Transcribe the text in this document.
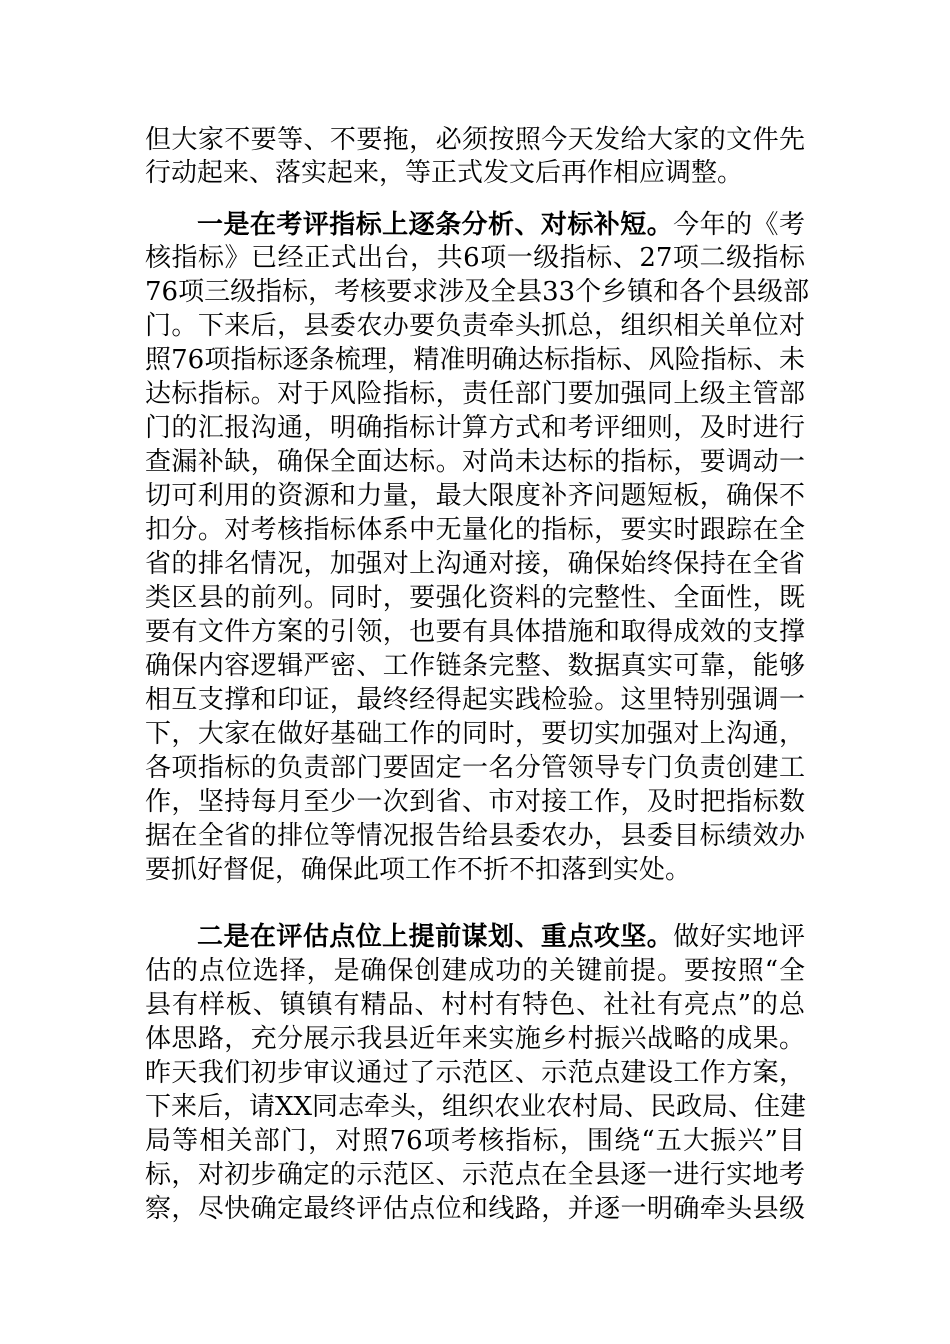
但大家不要等、不要拖，必须按照今天发给大家的文件先
行动起来、落实起来，等正式发文后再作相应调整。
一是在考评指标上逐条分析、对标补短。今年的《考
核指标》已经正式出台，共6项一级指标、27项二级指标
76项三级指标，考核要求涉及全县33个乡镇和各个县级部
门。下来后，县委农办要负责牵头抓总，组织相关单位对
照76项指标逐条梳理，精准明确达标指标、风险指标、未
达标指标。对于风险指标，责任部门要加强同上级主管部
门的汇报沟通，明确指标计算方式和考评细则，及时进行
查漏补缺，确保全面达标。对尚未达标的指标，要调动一
切可利用的资源和力量，最大限度补齐问题短板，确保不
扣分。对考核指标体系中无量化的指标，要实时跟踪在全
省的排名情况，加强对上沟通对接，确保始终保持在全省
类区县的前列。同时，要强化资料的完整性、全面性，既
要有文件方案的引领，也要有具体措施和取得成效的支撑
确保内容逻辑严密、工作链条完整、数据真实可靠，能够
相互支撑和印证，最终经得起实践检验。这里特别强调一
下，大家在做好基础工作的同时，要切实加强对上沟通，
各项指标的负责部门要固定一名分管领导专门负责创建工
作，坚持每月至少一次到省、市对接工作，及时把指标数
据在全省的排位等情况报告给县委农办，县委目标绩效办
要抓好督促，确保此项工作不折不扣落到实处。
二是在评估点位上提前谋划、重点攻坚。做好实地评
估的点位选择，是确保创建成功的关键前提。要按照“全
县有样板、镇镇有精品、村村有特色、社社有亮点”的总
体思路，充分展示我县近年来实施乡村振兴战略的成果。
昨天我们初步审议通过了示范区、示范点建设工作方案，
下来后，请XX同志牵头，组织农业农村局、民政局、住建
局等相关部门，对照76项考核指标，围绕“五大振兴”目
标，对初步确定的示范区、示范点在全县逐一进行实地考
察，尽快确定最终评估点位和线路，并逐一明确牵头县级
